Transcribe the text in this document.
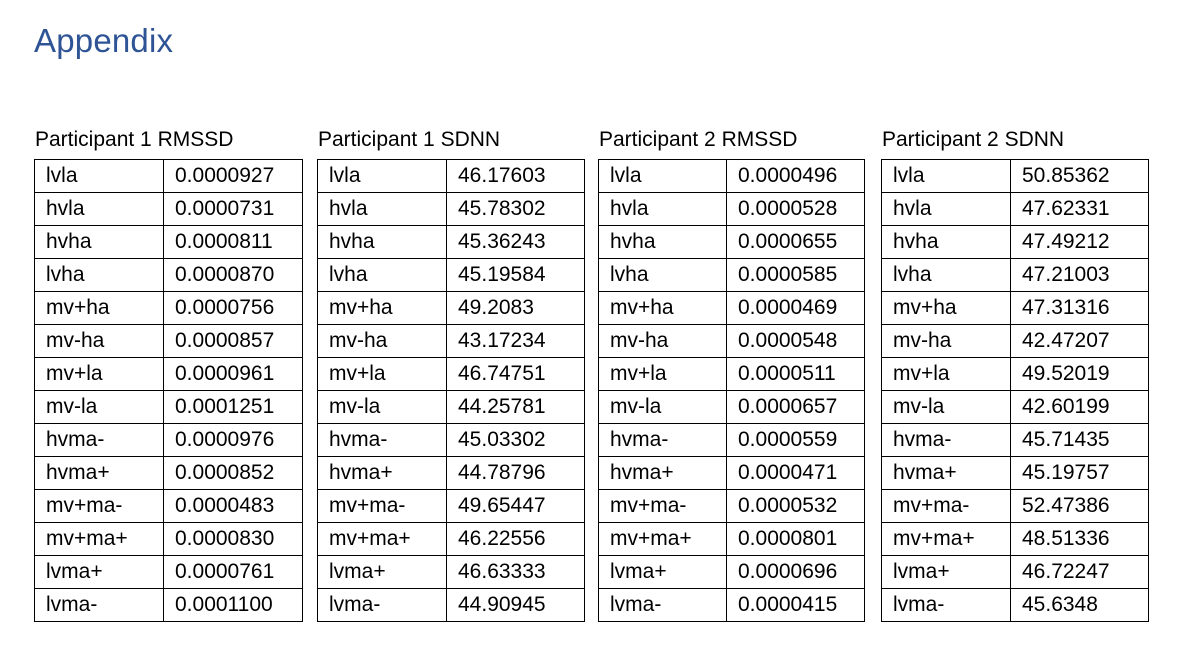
Appendix
Participant 1 RMSSD
lvla	0.0000927
hvla	0.0000731
hvha	0.0000811
lvha	0.0000870
mv+ha	0.0000756
mv-ha	0.0000857
mv+la	0.0000961
mv-la	0.0001251
hvma-	0.0000976
hvma+	0.0000852
mv+ma-	0.0000483
mv+ma+	0.0000830
lvma+	0.0000761
lvma-	0.0001100
Participant 1 SDNN
lvla	46.17603
hvla	45.78302
hvha	45.36243
lvha	45.19584
mv+ha	49.2083
mv-ha	43.17234
mv+la	46.74751
mv-la	44.25781
hvma-	45.03302
hvma+	44.78796
mv+ma-	49.65447
mv+ma+	46.22556
lvma+	46.63333
lvma-	44.90945
Participant 2 RMSSD
lvla	0.0000496
hvla	0.0000528
hvha	0.0000655
lvha	0.0000585
mv+ha	0.0000469
mv-ha	0.0000548
mv+la	0.0000511
mv-la	0.0000657
hvma-	0.0000559
hvma+	0.0000471
mv+ma-	0.0000532
mv+ma+	0.0000801
lvma+	0.0000696
lvma-	0.0000415
Participant 2 SDNN
lvla	50.85362
hvla	47.62331
hvha	47.49212
lvha	47.21003
mv+ha	47.31316
mv-ha	42.47207
mv+la	49.52019
mv-la	42.60199
hvma-	45.71435
hvma+	45.19757
mv+ma-	52.47386
mv+ma+	48.51336
lvma+	46.72247
lvma-	45.6348
